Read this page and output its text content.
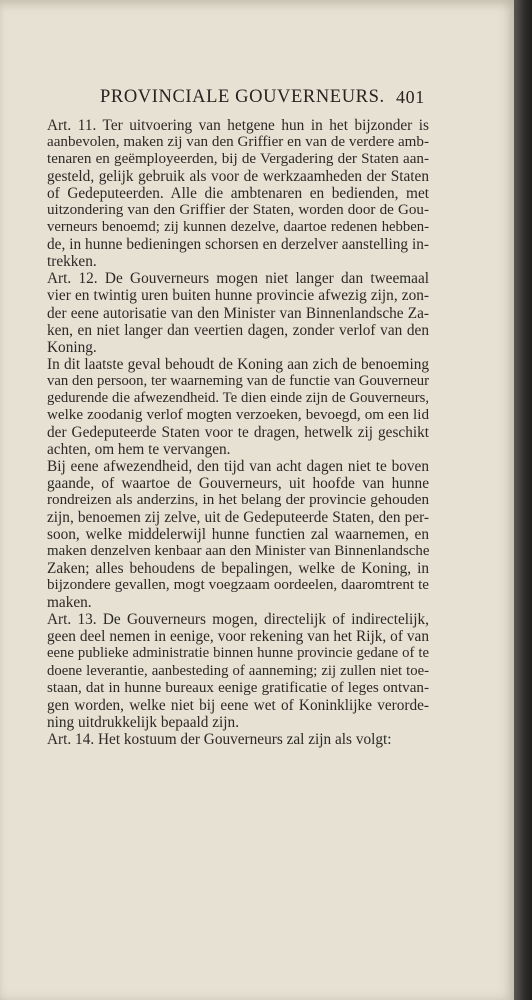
PROVINCIALE GOUVERNEURS. 401
Art. 11. Ter uitvoering van hetgene hun in het bijzonder is
aanbevolen, maken zij van den Griffier en van de verdere amb-
tenaren en geëmployeerden, bij de Vergadering der Staten aan-
gesteld, gelijk gebruik als voor de werkzaamheden der Staten
of Gedeputeerden. Alle die ambtenaren en bedienden, met
uitzondering van den Griffier der Staten, worden door de Gou-
verneurs benoemd; zij kunnen dezelve, daartoe redenen hebben-
de, in hunne bedieningen schorsen en derzelver aanstelling in-
trekken.
Art. 12. De Gouverneurs mogen niet langer dan tweemaal
vier en twintig uren buiten hunne provincie afwezig zijn, zon-
der eene autorisatie van den Minister van Binnenlandsche Za-
ken, en niet langer dan veertien dagen, zonder verlof van den
Koning.
In dit laatste geval behoudt de Koning aan zich de benoeming
van den persoon, ter waarneming van de functie van Gouverneur
gedurende die afwezendheid. Te dien einde zijn de Gouverneurs,
welke zoodanig verlof mogten verzoeken, bevoegd, om een lid
der Gedeputeerde Staten voor te dragen, hetwelk zij geschikt
achten, om hem te vervangen.
Bij eene afwezendheid, den tijd van acht dagen niet te boven
gaande, of waartoe de Gouverneurs, uit hoofde van hunne
rondreizen als anderzins, in het belang der provincie gehouden
zijn, benoemen zij zelve, uit de Gedeputeerde Staten, den per-
soon, welke middelerwijl hunne functien zal waarnemen, en
maken denzelven kenbaar aan den Minister van Binnenlandsche
Zaken; alles behoudens de bepalingen, welke de Koning, in
bijzondere gevallen, mogt voegzaam oordeelen, daaromtrent te
maken.
Art. 13. De Gouverneurs mogen, directelijk of indirectelijk,
geen deel nemen in eenige, voor rekening van het Rijk, of van
eene publieke administratie binnen hunne provincie gedane of te
doene leverantie, aanbesteding of aanneming; zij zullen niet toe-
staan, dat in hunne bureaux eenige gratificatie of leges ontvan-
gen worden, welke niet bij eene wet of Koninklijke verorde-
ning uitdrukkelijk bepaald zijn.
Art. 14. Het kostuum der Gouverneurs zal zijn als volgt:
